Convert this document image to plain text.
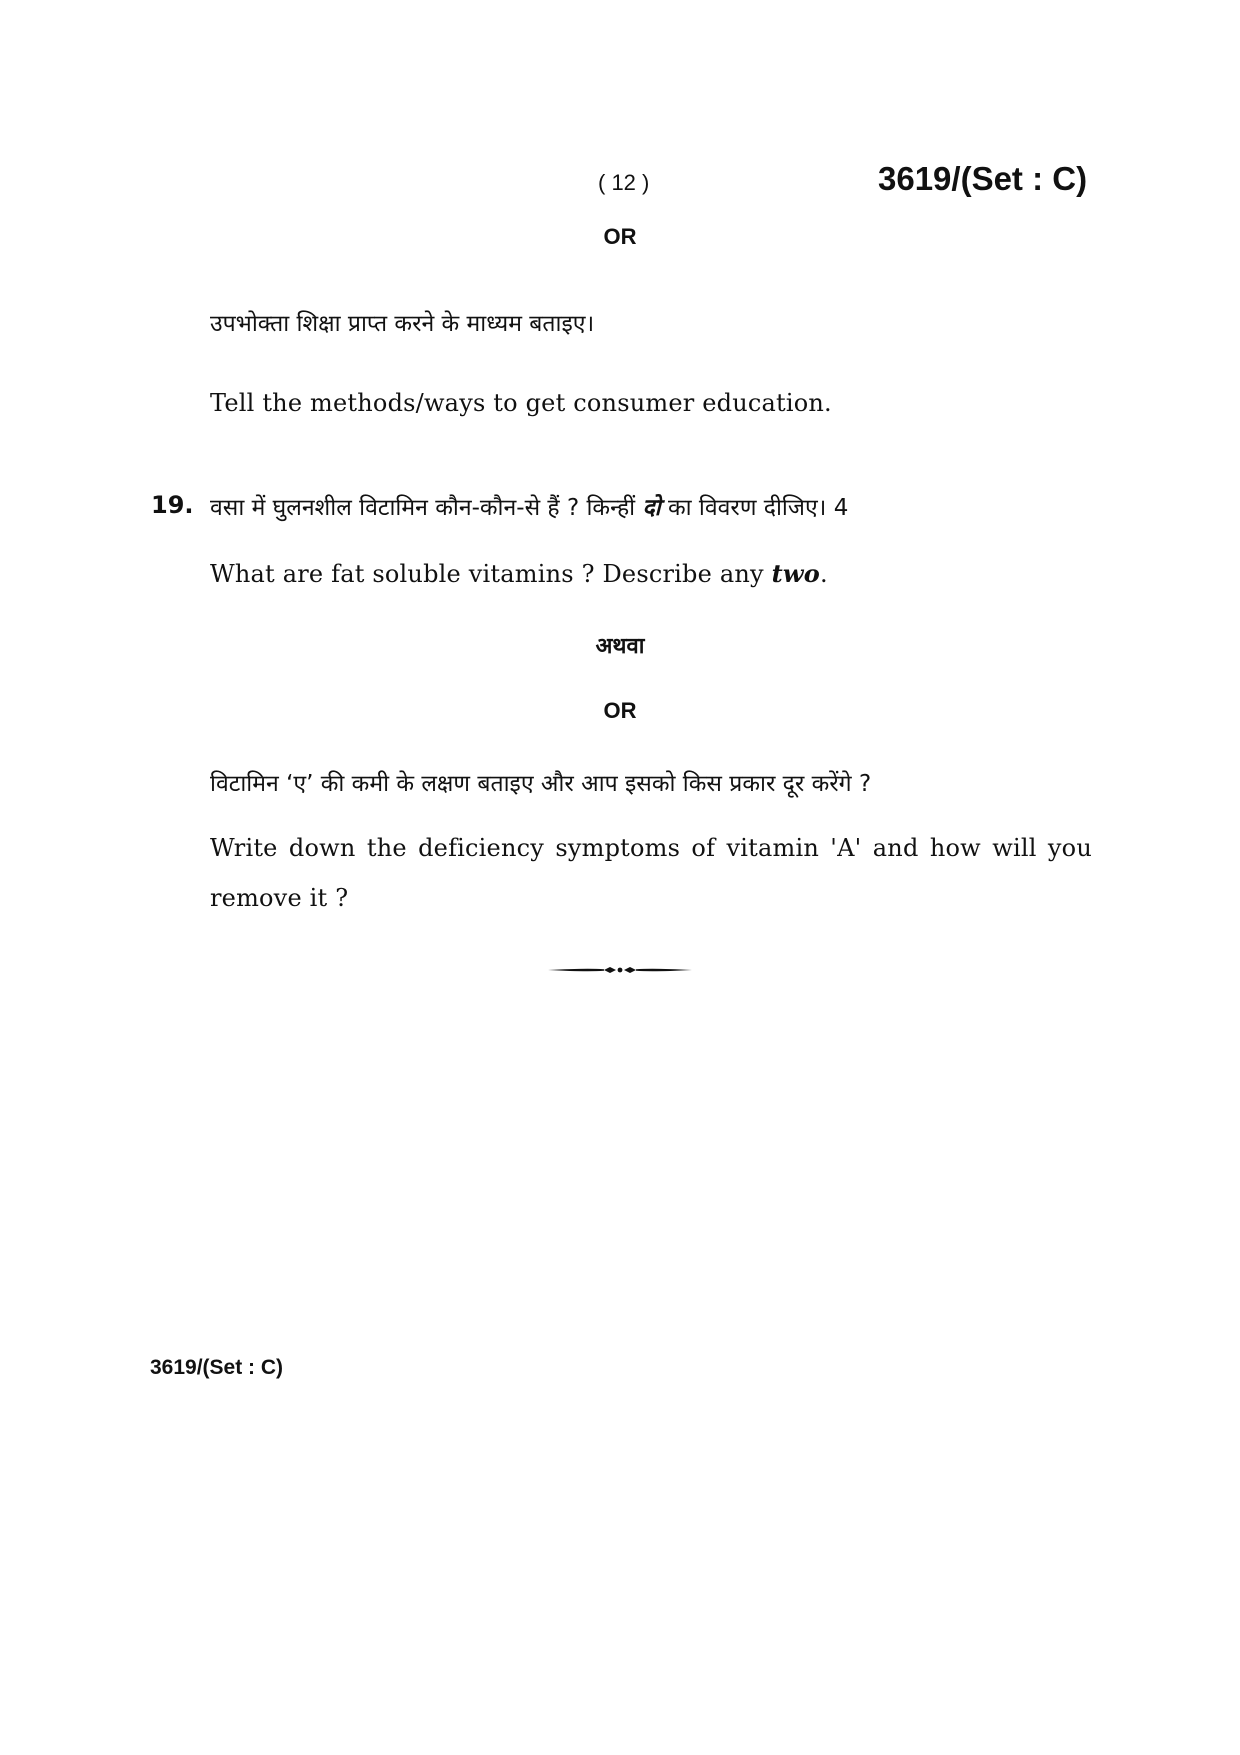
( 12 )	3619/(Set : C)
OR
उपभोक्ता शिक्षा प्राप्त करने के माध्यम बताइए।
Tell the methods/ways to get consumer education.
19. वसा में घुलनशील विटामिन कौन-कौन-से हैं ? किन्हीं दो का विवरण दीजिए। 4
What are fat soluble vitamins ? Describe any two.
अथवा
OR
विटामिन ‘ए’ की कमी के लक्षण बताइए और आप इसको किस प्रकार दूर करेंगे ?
Write down the deficiency symptoms of vitamin 'A' and how will you
remove it ?
3619/(Set : C)
